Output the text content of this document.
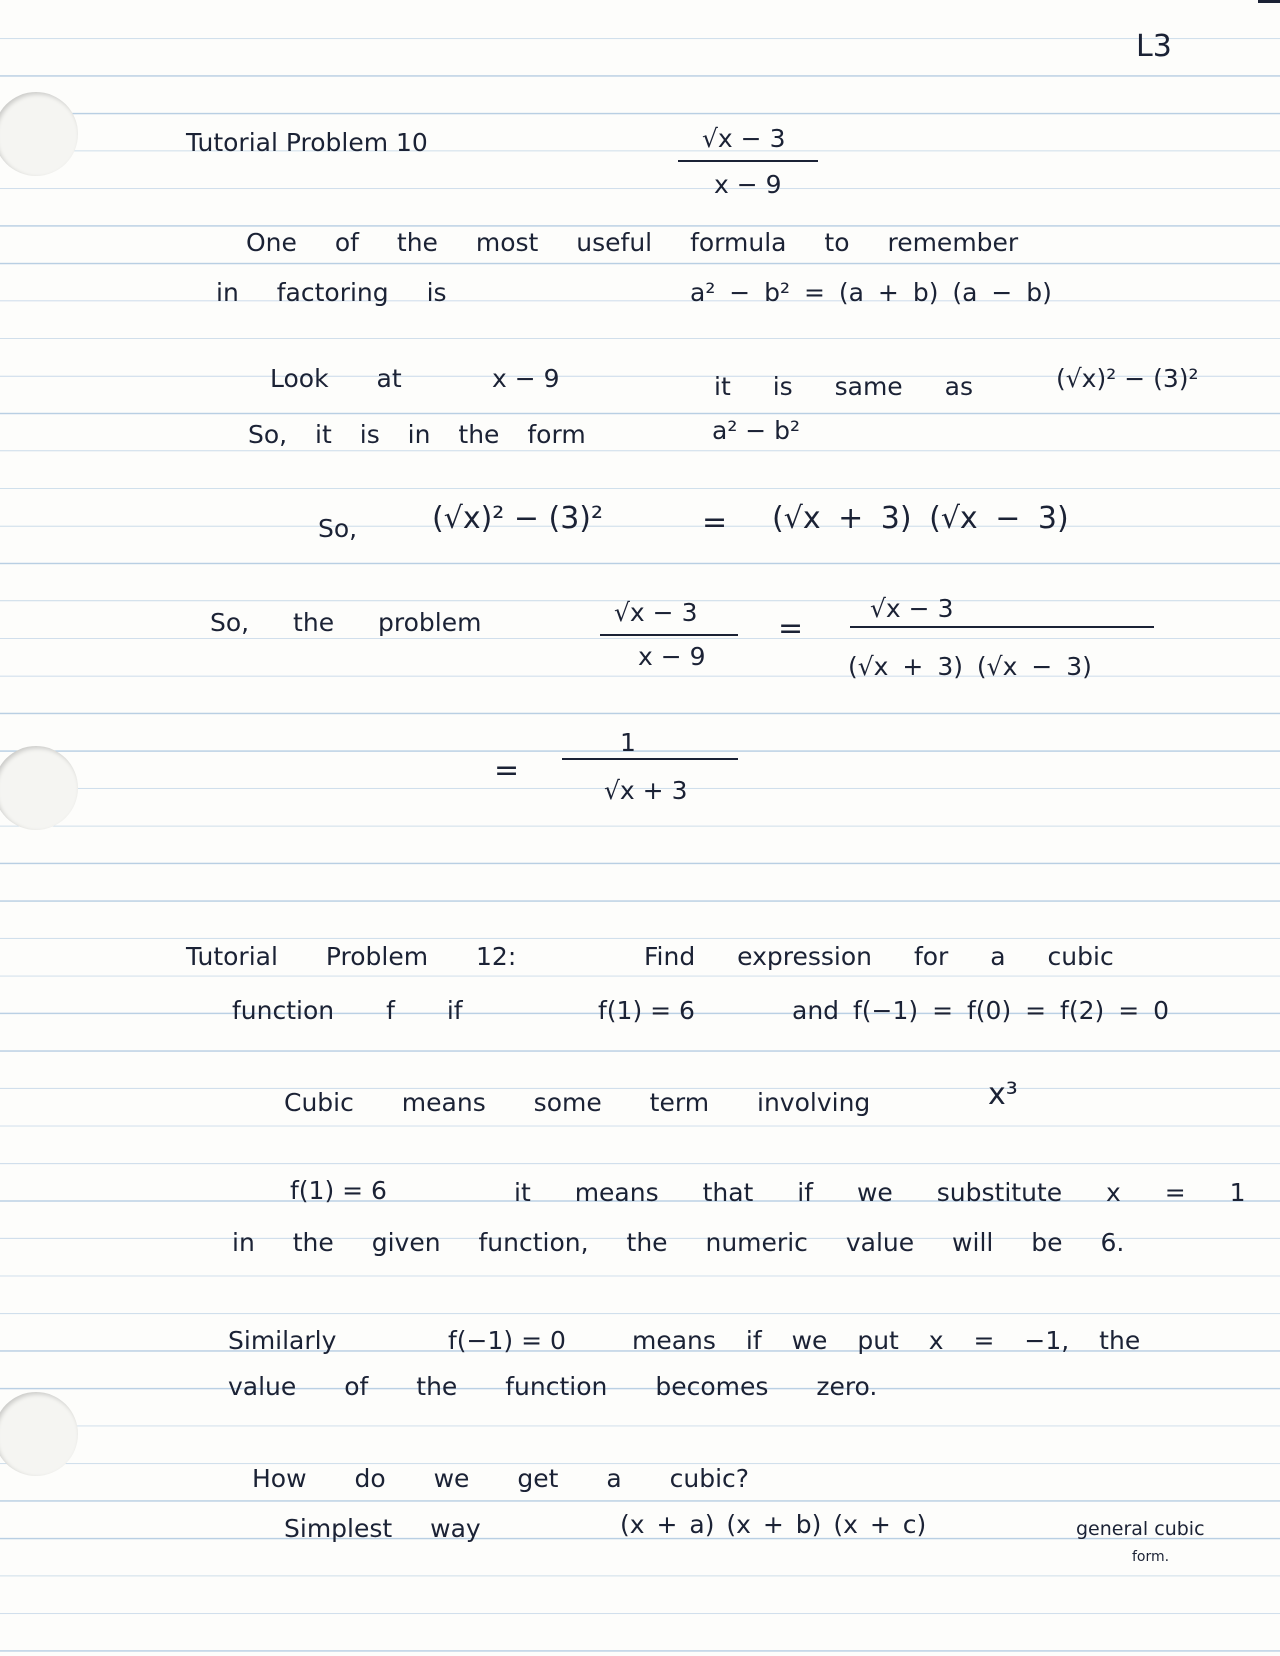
L3
Tutorial Problem 10	√x − 3
x − 9
One of the most useful formula to remember
in factoring is	a² − b² = (a + b) (a − b)
Look at	x − 9	it is same as	(√x)² − (3)²
So, it is in the form	a² − b²
So, (√x)² − (3)²	= (√x + 3) (√x − 3)
So, the problem	√x − 3
x − 9
=
√x − 3
(√x + 3) (√x − 3)
=
1
√x + 3
Tutorial Problem 12:	Find expression for a cubic
function f if	f(1) = 6	and f(−1) = f(0) = f(2) = 0
Cubic means some term involving	x³
f(1) = 6	it means that if we substitute x = 1
in the given function, the numeric value will be 6.
Similarly	f(−1) = 0	means if we put x = −1, the
value of the function becomes zero.
How do we get a cubic?
Simplest way	(x + a) (x + b) (x + c)	general cubic
form.
